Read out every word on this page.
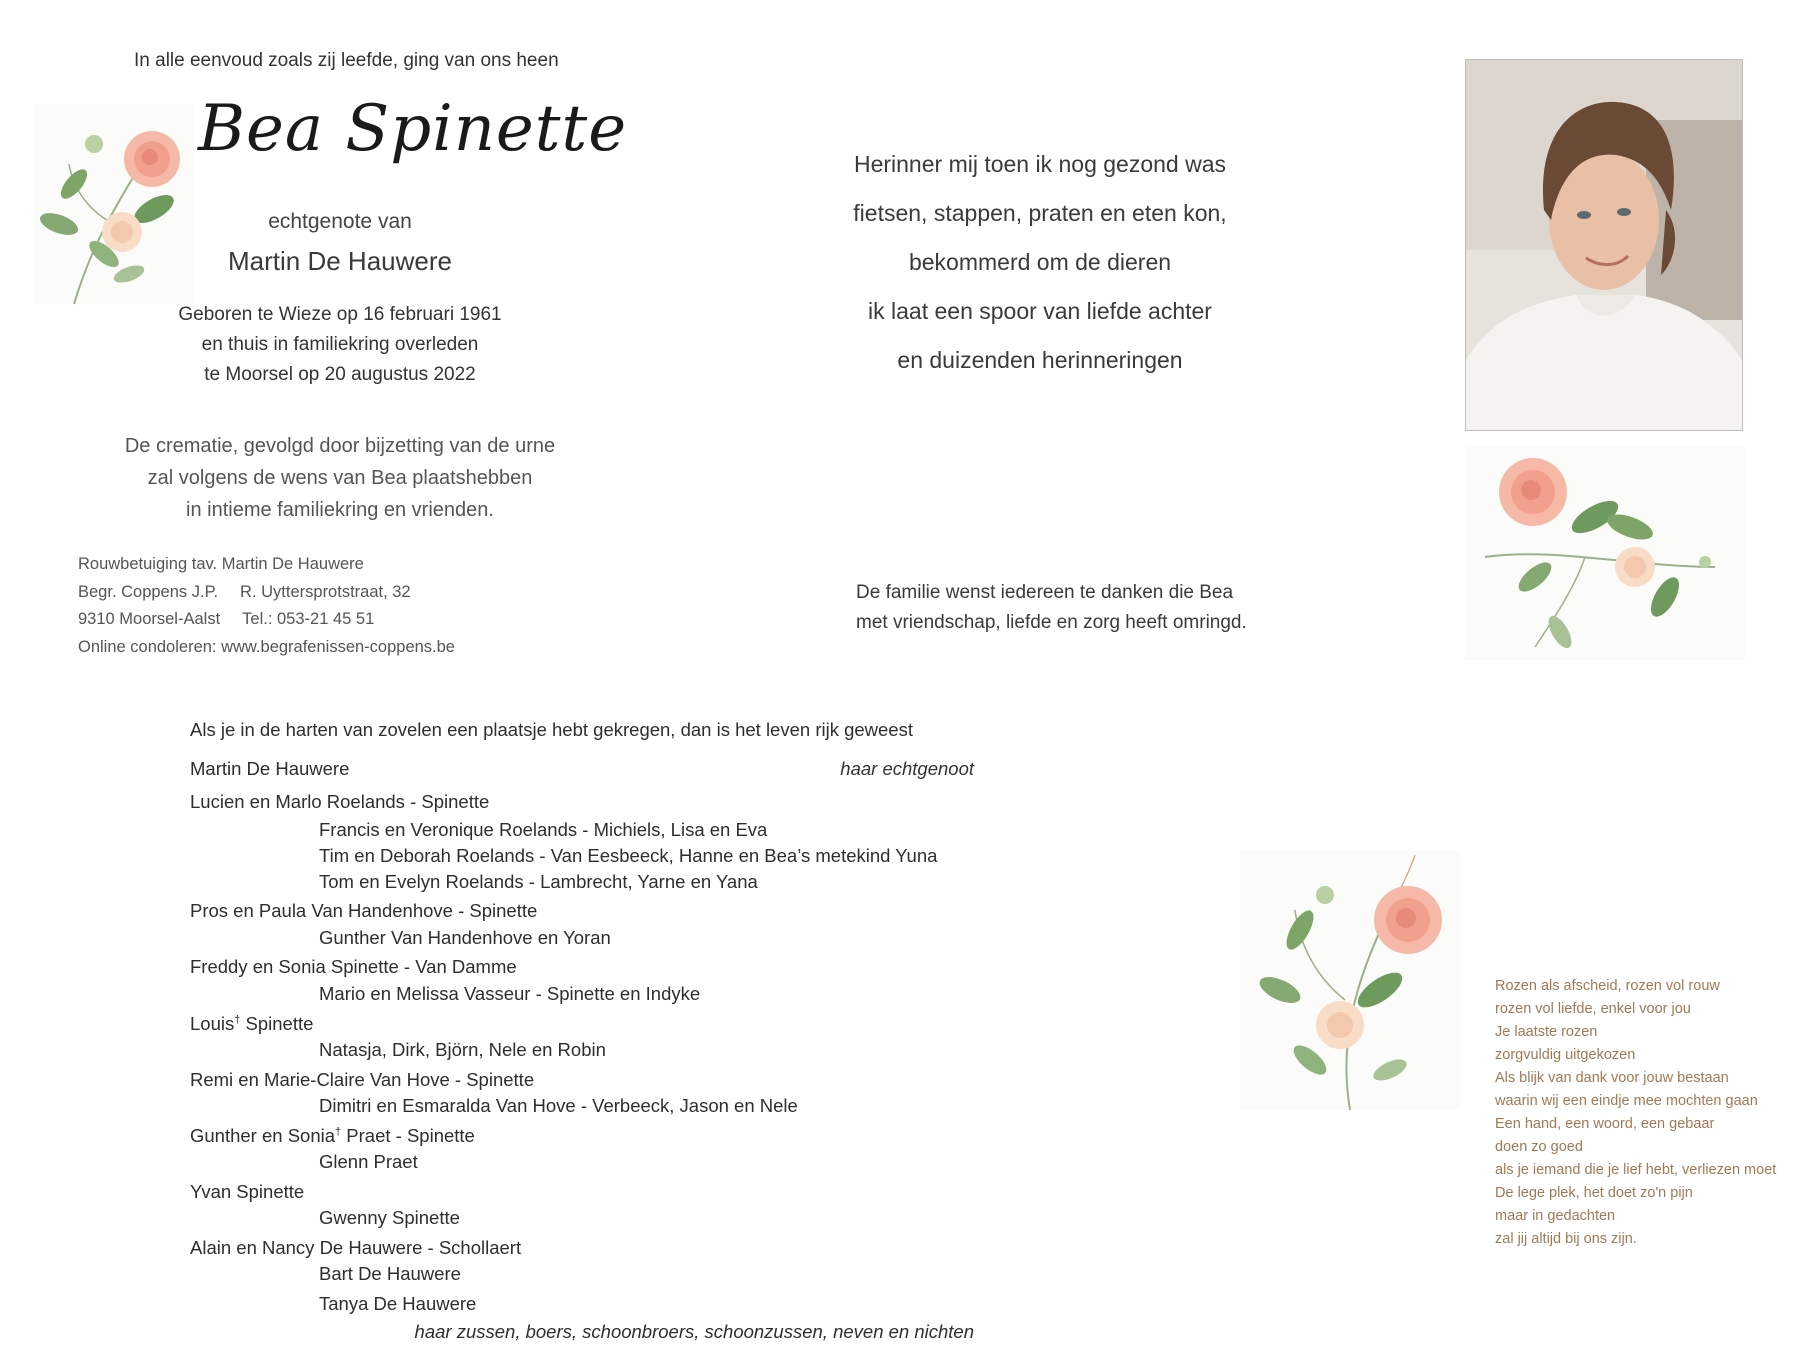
In alle eenvoud zoals zij leefde, ging van ons heen
Bea Spinette
echtgenote van
Martin De Hauwere
Geboren te Wieze op 16 februari 1961
en thuis in familiekring overleden
te Moorsel op 20 augustus 2022
De crematie, gevolgd door bijzetting van de urne
zal volgens de wens van Bea plaatshebben
in intieme familiekring en vrienden.
Rouwbetuiging tav. Martin De Hauwere
Begr. Coppens J.P. R. Uyttersprotstraat, 32
9310 Moorsel-Aalst Tel.: 053-21 45 51
Online condoleren: www.begrafenissen-coppens.be
Herinner mij toen ik nog gezond was
fietsen, stappen, praten en eten kon,
bekommerd om de dieren
ik laat een spoor van liefde achter
en duizenden herinneringen
De familie wenst iedereen te danken die Bea
met vriendschap, liefde en zorg heeft omringd.
Als je in de harten van zovelen een plaatsje hebt gekregen, dan is het leven rijk geweest
Martin De Hauwere	haar echtgenoot
Lucien en Marlo Roelands - Spinette
Francis en Veronique Roelands - Michiels, Lisa en Eva
Tim en Deborah Roelands - Van Eesbeeck, Hanne en Bea’s metekind Yuna
Tom en Evelyn Roelands - Lambrecht, Yarne en Yana
Pros en Paula Van Handenhove - Spinette
Gunther Van Handenhove en Yoran
Freddy en Sonia Spinette - Van Damme
Mario en Melissa Vasseur - Spinette en Indyke
Louis† Spinette
Natasja, Dirk, Björn, Nele en Robin
Remi en Marie-Claire Van Hove - Spinette
Dimitri en Esmaralda Van Hove - Verbeeck, Jason en Nele
Gunther en Sonia† Praet - Spinette
Glenn Praet
Yvan Spinette
Gwenny Spinette
Alain en Nancy De Hauwere - Schollaert
Bart De Hauwere
Tanya De Hauwere
haar zussen, boers, schoonbroers, schoonzussen, neven en nichten
Rozen als afscheid, rozen vol rouw
rozen vol liefde, enkel voor jou
Je laatste rozen
zorgvuldig uitgekozen
Als blijk van dank voor jouw bestaan
waarin wij een eindje mee mochten gaan
Een hand, een woord, een gebaar
doen zo goed
als je iemand die je lief hebt, verliezen moet
De lege plek, het doet zo'n pijn
maar in gedachten
zal jij altijd bij ons zijn.
